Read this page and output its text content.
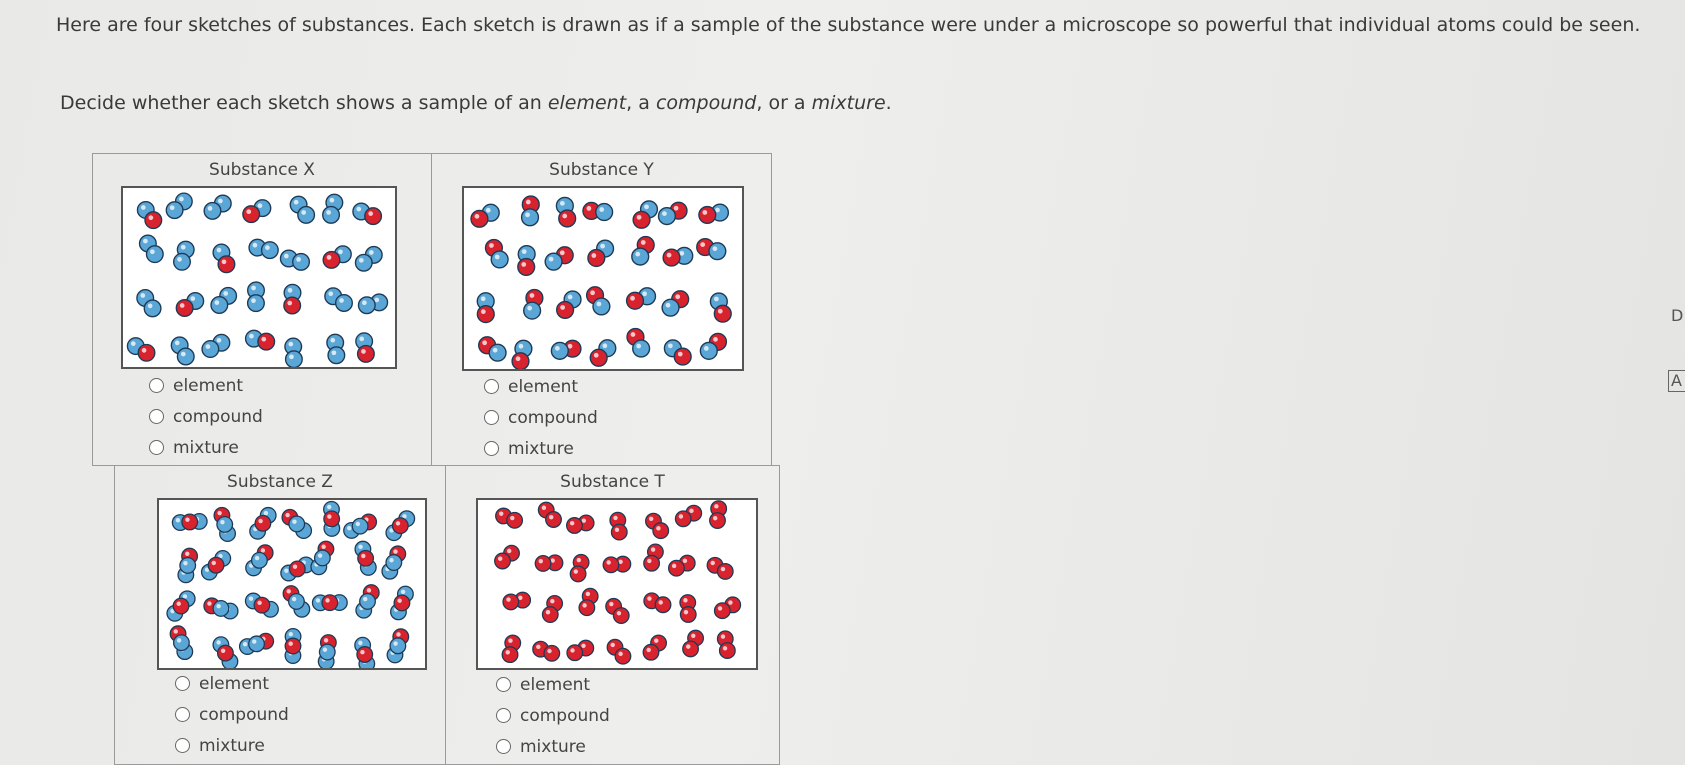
Here are four sketches of substances. Each sketch is drawn as if a sample of the substance were under a microscope so powerful that individual atoms could be seen.

Decide whether each sketch shows a sample of an element, a compound, or a mixture.

Substance X
element
compound
mixture
Substance Y
element
compound
mixture
Substance Z
element
compound
mixture
Substance T
element
compound
mixture
D
A
